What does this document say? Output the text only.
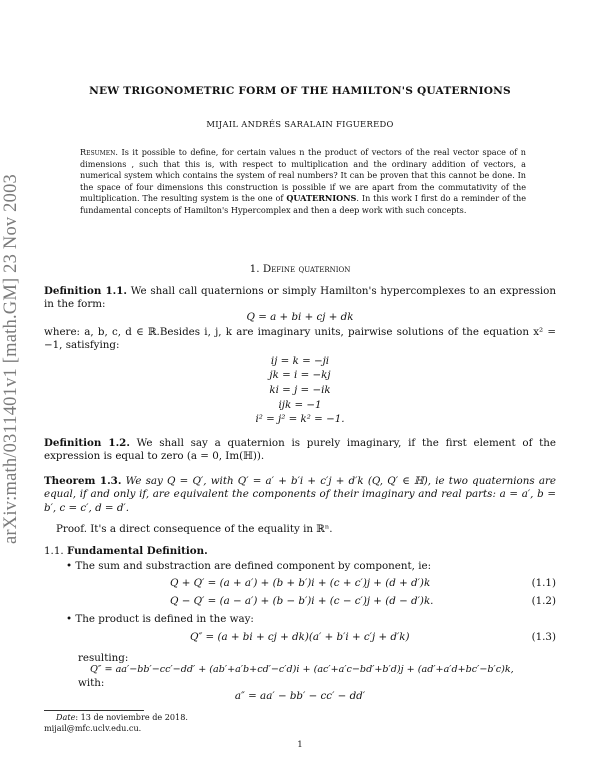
arXiv:math/0311401v1 [math.GM] 23 Nov 2003
NEW TRIGONOMETRIC FORM OF THE HAMILTON'S QUATERNIONS
MIJAIL ANDRÉS SARALAIN FIGUEREDO
Resumen. Is it possible to define, for certain values n the product of vectors of the real vector space of n dimensions , such that this is, with respect to multiplication and the ordinary addition of vectors, a numerical system which contains the system of real numbers? It can be proven that this cannot be done. In the space of four dimensions this construction is possible if we are apart from the commutativity of the multiplication. The resulting system is the one of QUATERNIONS. In this work I first do a reminder of the fundamental concepts of Hamilton's Hypercomplex and then a deep work with such concepts.
1. Define quaternion
Definition 1.1. We shall call quaternions or simply Hamilton's hypercomplexes to an expression in the form:
Q = a + bi + cj + dk
where: a, b, c, d ∈ ℝ.Besides i, j, k are imaginary units, pairwise solutions of the equation x² = −1, satisfying:
ij = k = −ji
jk = i = −kj
ki = j = −ik
ijk = −1
i² = j² = k² = −1.
Definition 1.2. We shall say a quaternion is purely imaginary, if the first element of the expression is equal to zero (a = 0, Im(ℍ)).
Theorem 1.3. We say Q = Q′, with Q′ = a′ + b′i + c′j + d′k (Q, Q′ ∈ ℍ), ie two quaternions are equal, if and only if, are equivalent the components of their imaginary and real parts: a = a′, b = b′, c = c′, d = d′.
Proof. It's a direct consequence of the equality in ℝⁿ.
1.1. Fundamental Definition.
• The sum and substraction are defined component by component, ie:
Q + Q′ = (a + a′) + (b + b′)i + (c + c′)j + (d + d′)k	(1.1)
Q − Q′ = (a − a′) + (b − b′)i + (c − c′)j + (d − d′)k.	(1.2)
• The product is defined in the way:
Q″ = (a + bi + cj + dk)(a′ + b′i + c′j + d′k)	(1.3)
resulting:
Q″ = aa′−bb′−cc′−dd′ + (ab′+a′b+cd′−c′d)i + (ac′+a′c−bd′+b′d)j + (ad′+a′d+bc′−b′c)k,
with:
a″ = aa′ − bb′ − cc′ − dd′
Date: 13 de noviembre de 2018.
mijail@mfc.uclv.edu.cu.
1
